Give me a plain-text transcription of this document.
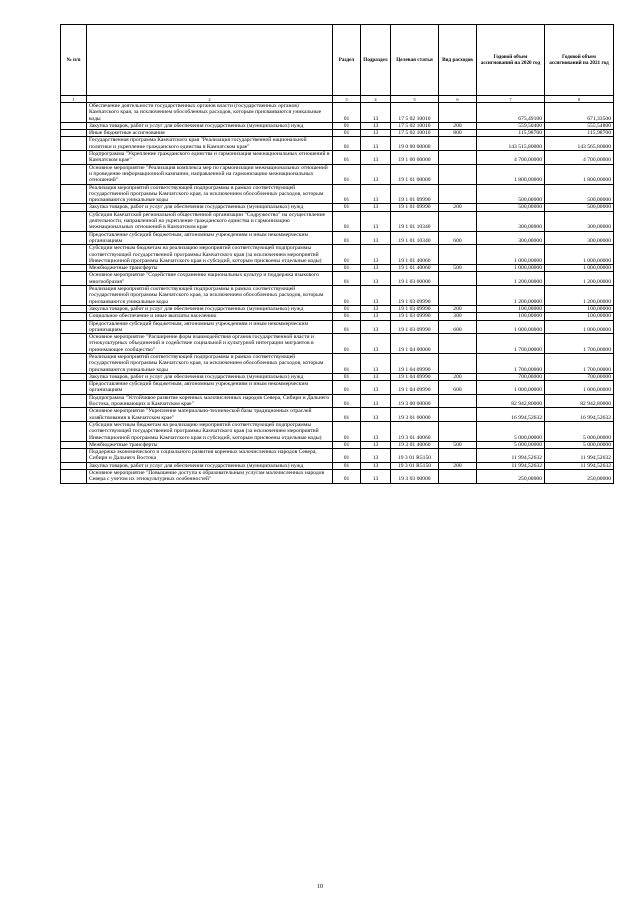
№ п/п		Раздел	Подраздел	Целевая статья	Вид расходов	Годовой объем ассигнований на 2020 год	Годовой объем ассигнований на 2021 год
1	2	3	4	5	6	7	8
	Обеспечение деятельности государственных органов власти (государственных органов) Камчатского края, за исключением обособленных расходов, которым присваиваются уникальные коды	01	13	17 5 02 10010		675,49100	671,33500
	Закупка товаров, работ и услуг для обеспечения государственных (муниципальных) нужд	01	13	17 5 02 10010	200	559,50400	555,54800
	Иные бюджетные ассигнования	01	13	17 5 02 10010	800	115,98700	115,98700
	Государственная программа Камчатского края "Реализация государственной национальной политики и укрепление гражданского единства в Камчатском крае"	01	13	19 0 00 00000		143 515,80000	143 565,80000
	Подпрограмма "Укрепление гражданского единства и гармонизация межнациональных отношений в Камчатском крае"	01	13	19 1 00 00000		4 700,00000	4 700,00000
	Основное мероприятие "Реализация комплекса мер по гармонизации межнациональных отношений и проведение информационной кампании, направленной на гармонизацию межнациональных отношений"	01	13	19 1 01 00000		1 800,00000	1 800,00000
	Реализация мероприятий соответствующей подпрограммы в рамках соответствующей государственной программы Камчатского края, за исключением обособленных расходов, которым присваиваются уникальные коды	01	13	19 1 01 09990		500,00000	500,00000
	Закупка товаров, работ и услуг для обеспечения государственных (муниципальных) нужд	01	13	19 1 01 09990	200	500,00000	500,00000
	Субсидия Камчатской региональной общественной организации "Содружество" на осуществление деятельности, направленной на укрепление гражданского единства и гармонизацию межнациональных отношений в Камчатском крае	01	13	19 1 01 10340		300,00000	300,00000
	Предоставление субсидий бюджетным, автономным учреждениям и иным некоммерческим организациям	01	13	19 1 01 10340	600	300,00000	300,00000
	Субсидии местным бюджетам на реализацию мероприятий соответствующей подпрограммы соответствующей государственной программы Камчатского края (за исключением мероприятий Инвестиционной программы Камчатского края и субсидий, которым присвоены отдельные коды)	01	13	19 1 01 40060		1 000,00000	1 000,00000
	Межбюджетные трансферты	01	13	19 1 01 40060	500	1 000,00000	1 000,00000
	Основное мероприятие "Содействие сохранению национальных культур и поддержка языкового многообразия"	01	13	19 1 03 00000		1 200,00000	1 200,00000
	Реализация мероприятий соответствующей подпрограммы в рамках соответствующей государственной программы Камчатского края, за исключением обособленных расходов, которым присваиваются уникальные коды	01	13	19 1 03 09990		1 200,00000	1 200,00000
	Закупка товаров, работ и услуг для обеспечения государственных (муниципальных) нужд	01	13	19 1 03 09990	200	100,00000	100,00000
	Социальное обеспечение и иные выплаты населению	01	13	19 1 03 09990	300	100,00000	100,00000
	Предоставление субсидий бюджетным, автономным учреждениям и иным некоммерческим организациям	01	13	19 1 03 09990	600	1 000,00000	1 000,00000
	Основное мероприятие "Расширение форм взаимодействия органов государственной власти и этнокультурных объединений и содействие социальной и культурной интеграции мигрантов в принимающее сообщество"	01	13	19 1 04 00000		1 700,00000	1 700,00000
	Реализация мероприятий соответствующей подпрограммы в рамках соответствующей государственной программы Камчатского края, за исключением обособленных расходов, которым присваиваются уникальные коды	01	13	19 1 04 09990		1 700,00000	1 700,00000
	Закупка товаров, работ и услуг для обеспечения государственных (муниципальных) нужд	01	13	19 1 04 09990	200	700,00000	700,00000
	Предоставление субсидий бюджетным, автономным учреждениям и иным некоммерческим организациям	01	13	19 1 04 09990	600	1 000,00000	1 000,00000
	Подпрограмма "Устойчивое развитие коренных малочисленных народов Севера, Сибири и Дальнего Востока, проживающих в Камчатском крае"	01	13	19 3 00 00000		82 942,80000	82 942,80000
	Основное мероприятие "Укрепление материально-технической базы традиционных отраслей хозяйствования в Камчатском крае"	01	13	19 3 01 00000		16 994,52632	16 994,52632
	Субсидии местным бюджетам на реализацию мероприятий соответствующей подпрограммы соответствующей государственной программы Камчатского края (за исключением мероприятий Инвестиционной программы Камчатского края и субсидий, которым присвоены отдельные коды)	01	13	19 3 01 40060		5 000,00000	5 000,00000
	Межбюджетные трансферты	01	13	19 3 01 40060	500	5 000,00000	5 000,00000
	Поддержка экономического и социального развития коренных малочисленных народов Севера, Сибири и Дальнего Востока	01	13	19 3 01 R5150		11 994,52632	11 994,52632
	Закупка товаров, работ и услуг для обеспечения государственных (муниципальных) нужд	01	13	19 3 01 R5150	200	11 994,52632	11 994,52632
	Основное мероприятие "Повышение доступа к образовательным услугам малочисленных народов Севера с учетом их этнокультурных особенностей"	01	13	19 3 03 00000		250,00000	250,00000
10
